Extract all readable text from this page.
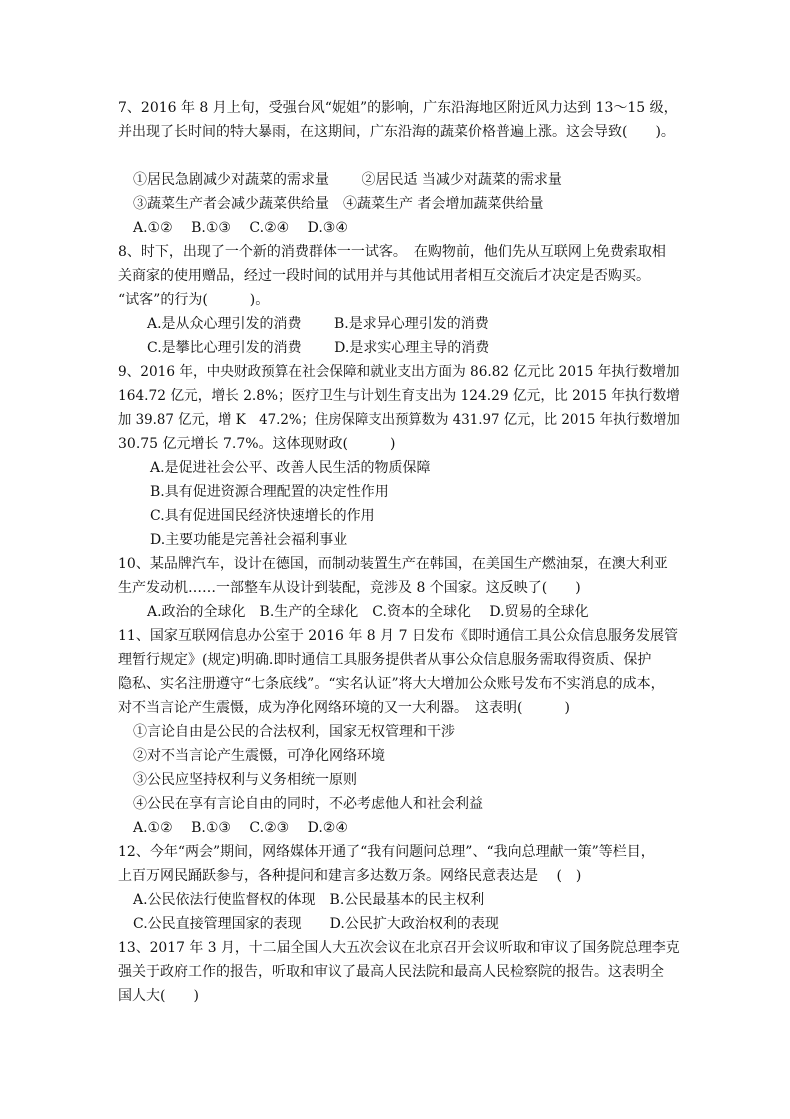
7、2016 年 8 月上旬，受强台风“妮姐”的影响，广东沿海地区附近风力达到 13～15 级，
并出现了长时间的特大暴雨，在这期间，广东沿海的蔬菜价格普遍上涨。这会导致(　　)。
①居民急剧减少对蔬菜的需求量　　 ②居民适 当减少对蔬菜的需求量
③蔬菜生产者会减少蔬菜供给量　④蔬菜生产 者会增加蔬菜供给量
A.①②　 B.①③　 C.②④　 D.③④
8、时下，出现了一个新的消费群体一一试客。　在购物前，他们先从互联网上免费索取相
关商家的使用赠品，经过一段时间的试用并与其他试用者相互交流后才决定是否购买。
“试客”的行为(　　　)。
A.是从众心理引发的消费　　 B.是求异心理引发的消费
C.是攀比心理引发的消费　　 D.是求实心理主导的消费
9、2016 年，中央财政预算在社会保障和就业支出方面为 86.82 亿元比 2015 年执行数增加
164.72 亿元，增长 2.8%；医疗卫生与计划生育支出为 124.29 亿元，比 2015 年执行数增
加 39.87 亿元，增 K　47.2%；住房保障支出预算数为 431.97 亿元，比 2015 年执行数增加
30.75 亿元增长 7.7%。这体现财政(　　　)
A.是促进社会公平、改善人民生活的物质保障
B.具有促进资源合理配置的决定性作用
C.具有促进国民经济快速增长的作用
D.主要功能是完善社会福利事业
10、某品牌汽车，设计在德国，而制动装置生产在韩国，在美国生产燃油泵，在澳大利亚
生产发动机……一部整车从设计到装配，竞涉及 8 个国家。这反映了(　　)
A.政治的全球化　B.生产的全球化　C.资本的全球化　 D.贸易的全球化
11、国家互联网信息办公室于 2016 年 8 月 7 日发布《即时通信工具公众信息服务发展管
理暂行规定》(规定)明确.即时通信工具服务提供者从事公众信息服务需取得资质、保护
隐私、实名注册遵守“七条底线”。“实名认证”将大大增加公众账号发布不实消息的成本，
对不当言论产生震慑，成为净化网络环境的又一大利器。　这表明(　　　)
①言论自由是公民的合法权利，国家无权管理和干涉
②对不当言论产生震慑，可净化网络环境
③公民应坚持权利与义务相统一原则
④公民在享有言论自由的同时，不必考虑他人和社会利益
A.①②　 B.①③　 C.②③　 D.②④
12、今年“两会”期间，网络媒体开通了“我有问题问总理”、“我向总理献一策”等栏目，
上百万网民踊跃参与，各种提问和建言多达数万条。网络民意表达是　 (　)
A.公民依法行使监督权的体现　B.公民最基本的民主权利
C.公民直接管理国家的表现　　D.公民扩大政治权利的表现
13、2017 年 3 月，十二届全国人大五次会议在北京召开会议听取和审议了国务院总理李克
强关于政府工作的报告，听取和审议了最高人民法院和最高人民检察院的报告。这表明全
国人大(　　)
